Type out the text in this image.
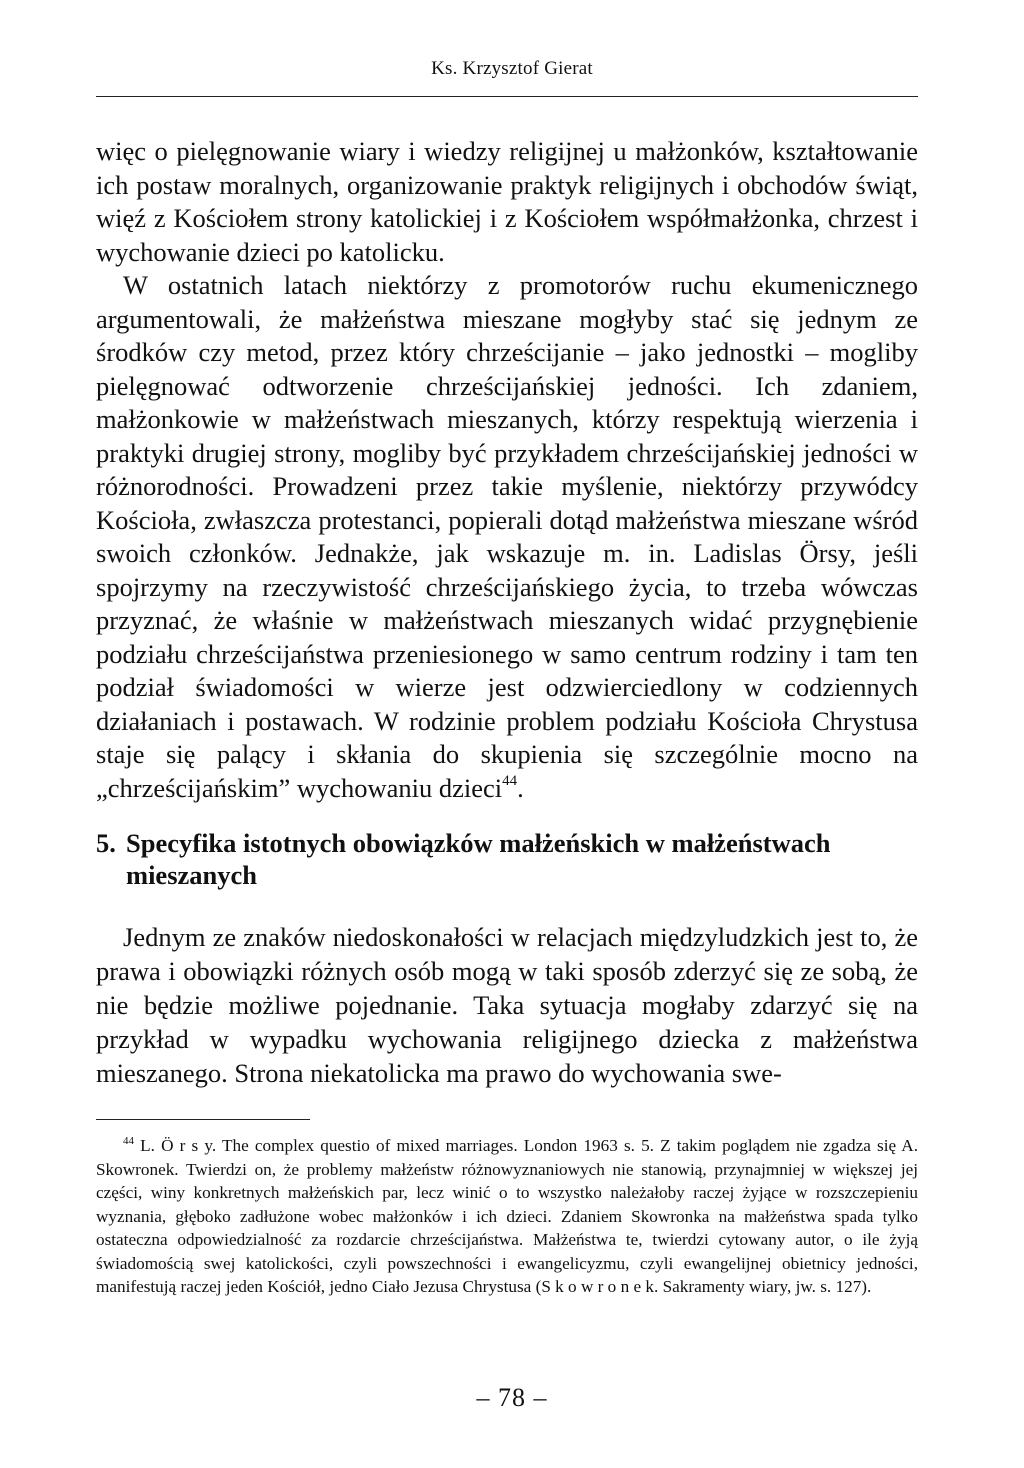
Ks. Krzysztof Gierat

więc o pielęgnowanie wiary i wiedzy religijnej u małżonków, kształtowanie ich postaw moralnych, organizowanie praktyk religijnych i obchodów świąt, więź z Kościołem strony katolickiej i z Kościołem współmałżonka, chrzest i wychowanie dzieci po katolicku.

W ostatnich latach niektórzy z promotorów ruchu ekumenicznego argumentowali, że małżeństwa mieszane mogłyby stać się jednym ze środków czy metod, przez który chrześcijanie – jako jednostki – mogliby pielęgnować odtworzenie chrześcijańskiej jedności. Ich zdaniem, małżonkowie w małżeństwach mieszanych, którzy respektują wierzenia i praktyki drugiej strony, mogliby być przykładem chrześcijańskiej jedności w różnorodności. Prowadzeni przez takie myślenie, niektórzy przywódcy Kościoła, zwłaszcza protestanci, popierali dotąd małżeństwa mieszane wśród swoich członków. Jednakże, jak wskazuje m. in. Ladislas Örsy, jeśli spojrzymy na rzeczywistość chrześcijańskiego życia, to trzeba wówczas przyznać, że właśnie w małżeństwach mieszanych widać przygnębienie podziału chrześcijaństwa przeniesionego w samo centrum rodziny i tam ten podział świadomości w wierze jest odzwierciedlony w codziennych działaniach i postawach. W rodzinie problem podziału Kościoła Chrystusa staje się palący i skłania do skupienia się szczególnie mocno na „chrześcijańskim” wychowaniu dzieci$^{44}$.

5. Specyfika istotnych obowiązków małżeńskich w małżeństwach
mieszanych

Jednym ze znaków niedoskonałości w relacjach międzyludzkich jest to, że prawa i obowiązki różnych osób mogą w taki sposób zderzyć się ze sobą, że nie będzie możliwe pojednanie. Taka sytuacja mogłaby zdarzyć się na przykład w wypadku wychowania religijnego dziecka z małżeństwa mieszanego. Strona niekatolicka ma prawo do wychowania swe-

$^{44}$ L. Ö r s y. The complex questio of mixed marriages. London 1963 s. 5. Z takim poglądem nie zgadza się A. Skowronek. Twierdzi on, że problemy małżeństw różnowyznaniowych nie stanowią, przynajmniej w większej jej części, winy konkretnych małżeńskich par, lecz winić o to wszystko należałoby raczej żyjące w rozszczepieniu wyznania, głęboko zadłużone wobec małżonków i ich dzieci. Zdaniem Skowronka na małżeństwa spada tylko ostateczna odpowiedzialność za rozdarcie chrześcijaństwa. Małżeństwa te, twierdzi cytowany autor, o ile żyją świadomością swej katolickości, czyli powszechności i ewangelicyzmu, czyli ewangelijnej obietnicy jedności, manifestują raczej jeden Kościół, jedno Ciało Jezusa Chrystusa (S k o w r o n e k. Sakramenty wiary, jw. s. 127).

– 78 –
